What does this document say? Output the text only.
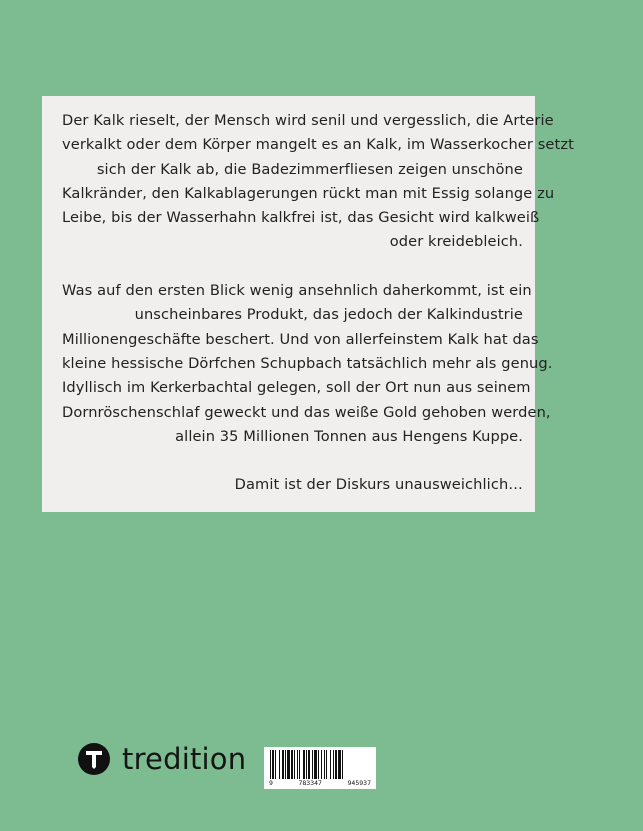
Der Kalk rieselt, der Mensch wird senil und vergesslich, die Arterie
verkalkt oder dem Körper mangelt es an Kalk, im Wasserkocher setzt
sich der Kalk ab, die Badezimmerfliesen zeigen unschöne
Kalkränder, den Kalkablagerungen rückt man mit Essig solange zu
Leibe, bis der Wasserhahn kalkfrei ist, das Gesicht wird kalkweiß
oder kreidebleich.

Was auf den ersten Blick wenig ansehnlich daherkommt, ist ein
unscheinbares Produkt, das jedoch der Kalkindustrie
Millionengeschäfte beschert. Und von allerfeinstem Kalk hat das
kleine hessische Dörfchen Schupbach tatsächlich mehr als genug.
Idyllisch im Kerkerbachtal gelegen, soll der Ort nun aus seinem
Dornröschenschlaf geweckt und das weiße Gold gehoben werden,
allein 35 Millionen Tonnen aus Hengens Kuppe.

Damit ist der Diskurs unausweichlich…

tredition
9	783347	945937
